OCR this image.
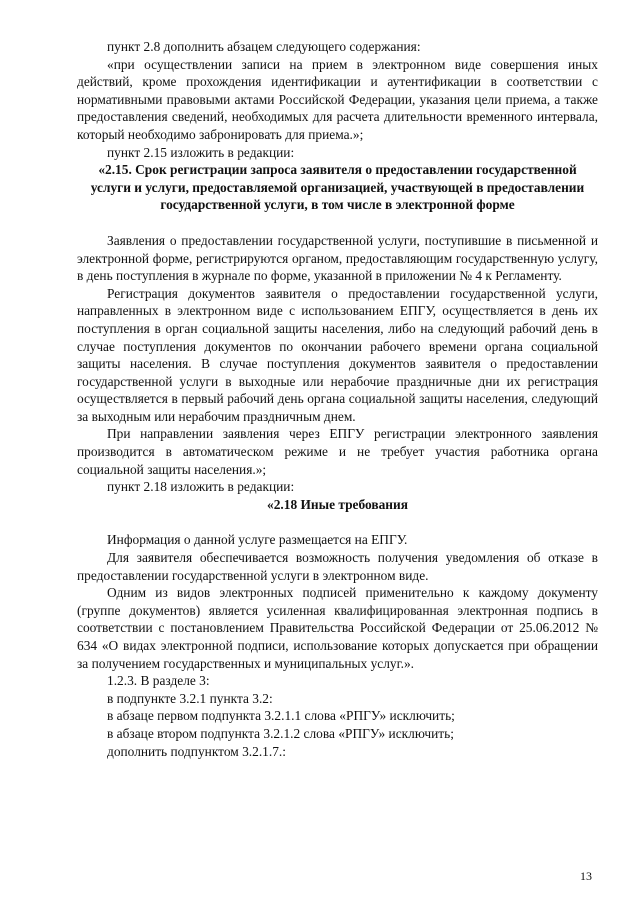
пункт 2.8 дополнить абзацем следующего содержания:

«при осуществлении записи на прием в электронном виде совершения иных действий, кроме прохождения идентификации и аутентификации в соответствии с нормативными правовыми актами Российской Федерации, указания цели приема, а также предоставления сведений, необходимых для расчета длительности временного интервала, который необходимо забронировать для приема.»;

пункт 2.15 изложить в редакции:

«2.15. Срок регистрации запроса заявителя о предоставлении государственной услуги и услуги, предоставляемой организацией, участвующей в предоставлении государственной услуги, в том числе в электронной форме

Заявления о предоставлении государственной услуги, поступившие в письменной и электронной форме, регистрируются органом, предоставляющим государственную услугу, в день поступления в журнале по форме, указанной в приложении № 4 к Регламенту.

Регистрация документов заявителя о предоставлении государственной услуги, направленных в электронном виде с использованием ЕПГУ, осуществляется в день их поступления в орган социальной защиты населения, либо на следующий рабочий день в случае поступления документов по окончании рабочего времени органа социальной защиты населения. В случае поступления документов заявителя о предоставлении государственной услуги в выходные или нерабочие праздничные дни их регистрация осуществляется в первый рабочий день органа социальной защиты населения, следующий за выходным или нерабочим праздничным днем.

При направлении заявления через ЕПГУ регистрации электронного заявления производится в автоматическом режиме и не требует участия работника органа социальной защиты населения.»;

пункт 2.18 изложить в редакции:

«2.18 Иные требования

Информация о данной услуге размещается на ЕПГУ.

Для заявителя обеспечивается возможность получения уведомления об отказе в предоставлении государственной услуги в электронном виде.

Одним из видов электронных подписей применительно к каждому документу (группе документов) является усиленная квалифицированная электронная подпись в соответствии с постановлением Правительства Российской Федерации от 25.06.2012 № 634 «О видах электронной подписи, использование которых допускается при обращении за получением государственных и муниципальных услуг.».

1.2.3. В разделе 3:

в подпункте 3.2.1 пункта 3.2:

в абзаце первом подпункта 3.2.1.1 слова «РПГУ» исключить;

в абзаце втором подпункта 3.2.1.2 слова «РПГУ» исключить;

дополнить подпунктом 3.2.1.7.:

13
